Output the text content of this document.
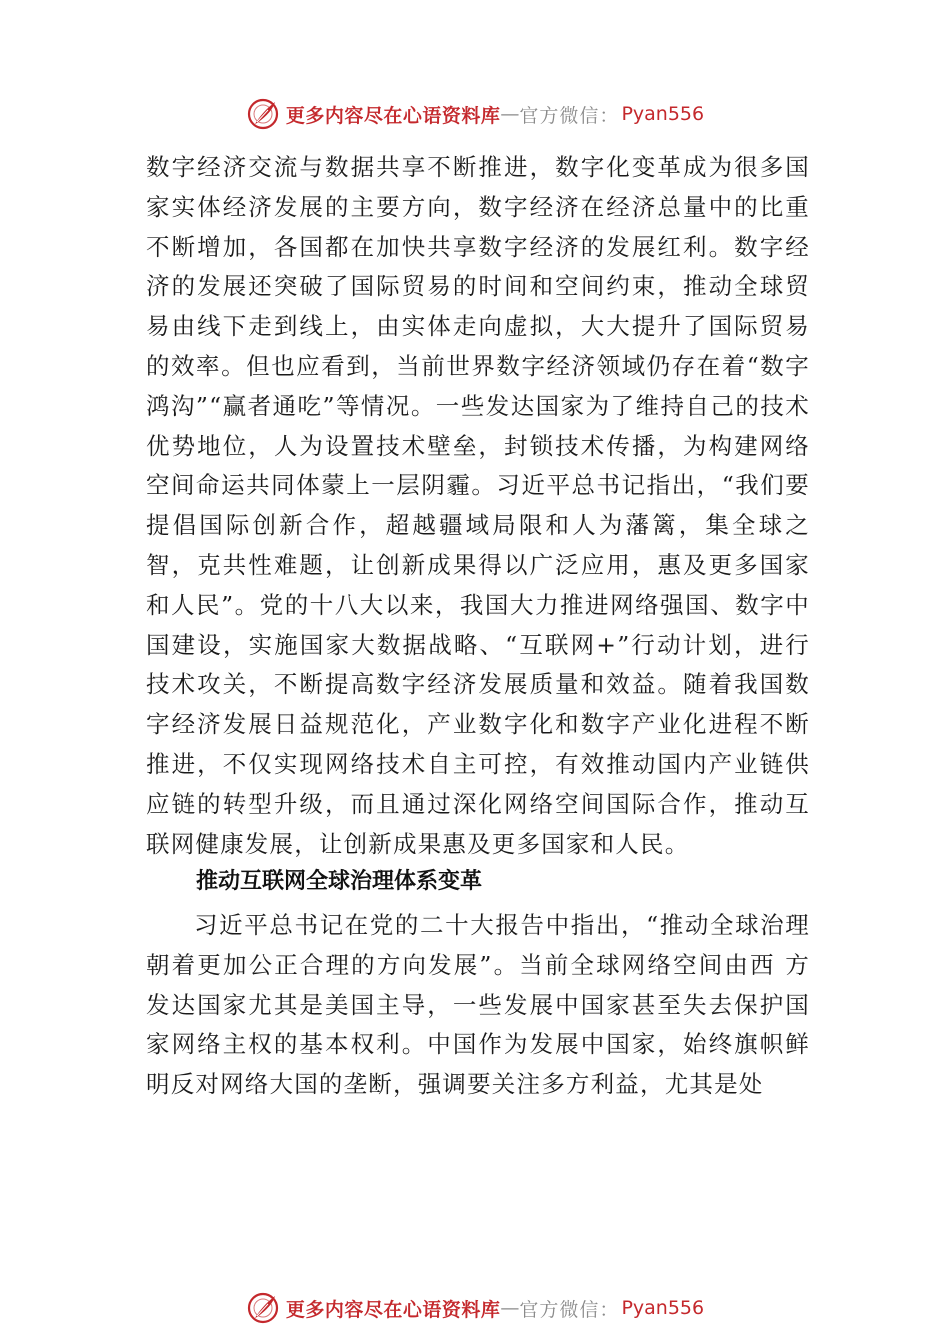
更多内容尽在心语资料库 — 官方微信： Pyan556

数字经济交流与数据共享不断推进，数字化变革成为很多国家实体经济发展的主要方向，数字经济在经济总量中的比重不断增加，各国都在加快共享数字经济的发展红利。数字经济的发展还突破了国际贸易的时间和空间约束，推动全球贸易由线下走到线上，由实体走向虚拟，大大提升了国际贸易的效率。但也应看到，当前世界数字经济领域仍存在着“数字鸿沟”“赢者通吃”等情况。一些发达国家为了维持自己的技术优势地位，人为设置技术壁垒，封锁技术传播，为构建网络空间命运共同体蒙上一层阴霾。习近平总书记指出，“我们要提倡国际创新合作，超越疆域局限和人为藩篱，集全球之智，克共性难题，让创新成果得以广泛应用，惠及更多国家和人民”。党的十八大以来，我国大力推进网络强国、数字中国建设，实施国家大数据战略、“互联网+”行动计划，进行技术攻关，不断提高数字经济发展质量和效益。随着我国数字经济发展日益规范化，产业数字化和数字产业化进程不断推进，不仅实现网络技术自主可控，有效推动国内产业链供应链的转型升级，而且通过深化网络空间国际合作，推动互联网健康发展，让创新成果惠及更多国家和人民。

推动互联网全球治理体系变革

习近平总书记在党的二十大报告中指出，“推动全球治理朝着更加公正合理的方向发展”。当前全球网络空间由西 方发达国家尤其是美国主导，一些发展中国家甚至失去保护国家网络主权的基本权利。中国作为发展中国家，始终旗帜鲜明反对网络大国的垄断，强调要关注多方利益，尤其是处

更多内容尽在心语资料库 — 官方微信： Pyan556
